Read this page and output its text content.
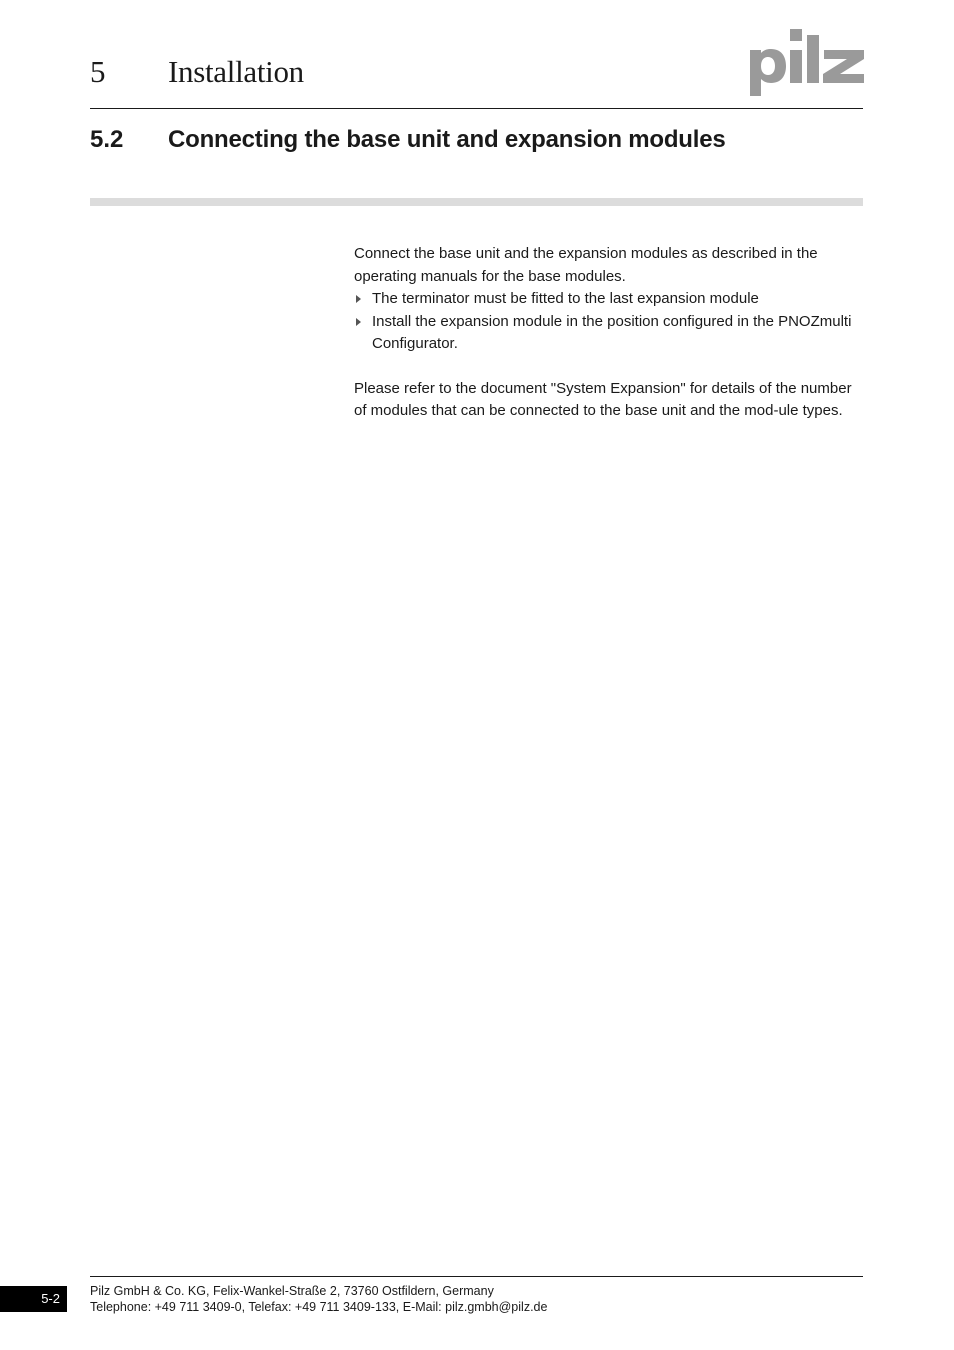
5 Installation
5.2 Connecting the base unit and expansion modules

Connect the base unit and the expansion modules as described in the operating manuals for the base modules.

The terminator must be fitted to the last expansion module
Install the expansion module in the position configured in the PNOZmulti Configurator.

Please refer to the document "System Expansion" for details of the number of modules that can be connected to the base unit and the mod-ule types.

5-2	Pilz GmbH & Co. KG, Felix-Wankel-Straße 2, 73760 Ostfildern, Germany
Telephone: +49 711 3409-0, Telefax: +49 711 3409-133, E-Mail: pilz.gmbh@pilz.de
